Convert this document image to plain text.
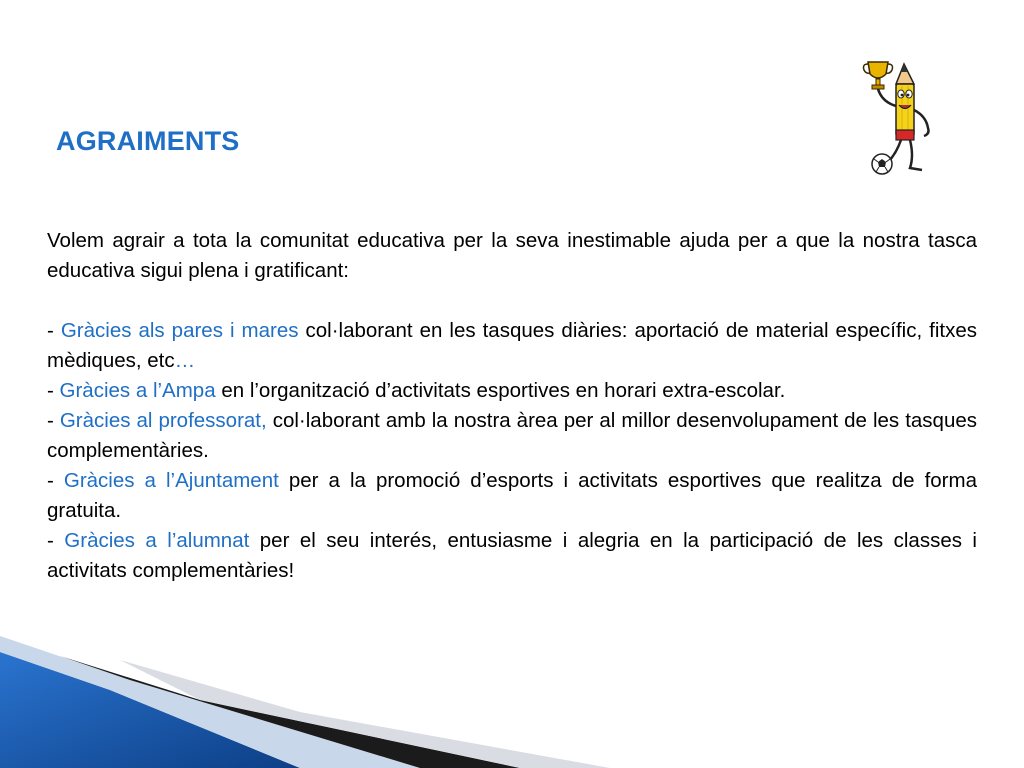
AGRAIMENTS

Volem agrair a tota la comunitat educativa per la seva inestimable ajuda per a que la nostra tasca educativa sigui plena i gratificant:

- Gràcies als pares i mares col·laborant en les tasques diàries: aportació de material específic, fitxes mèdiques, etc…

- Gràcies a l’Ampa en l’organització d’activitats esportives en horari extra-escolar.

- Gràcies al professorat, col·laborant amb la nostra àrea per al millor desenvolupament de les tasques complementàries.

- Gràcies a l’Ajuntament per a la promoció d’esports i activitats esportives que realitza de forma gratuita.

- Gràcies a l’alumnat per el seu interés, entusiasme i alegria en la participació de les classes i activitats complementàries!
